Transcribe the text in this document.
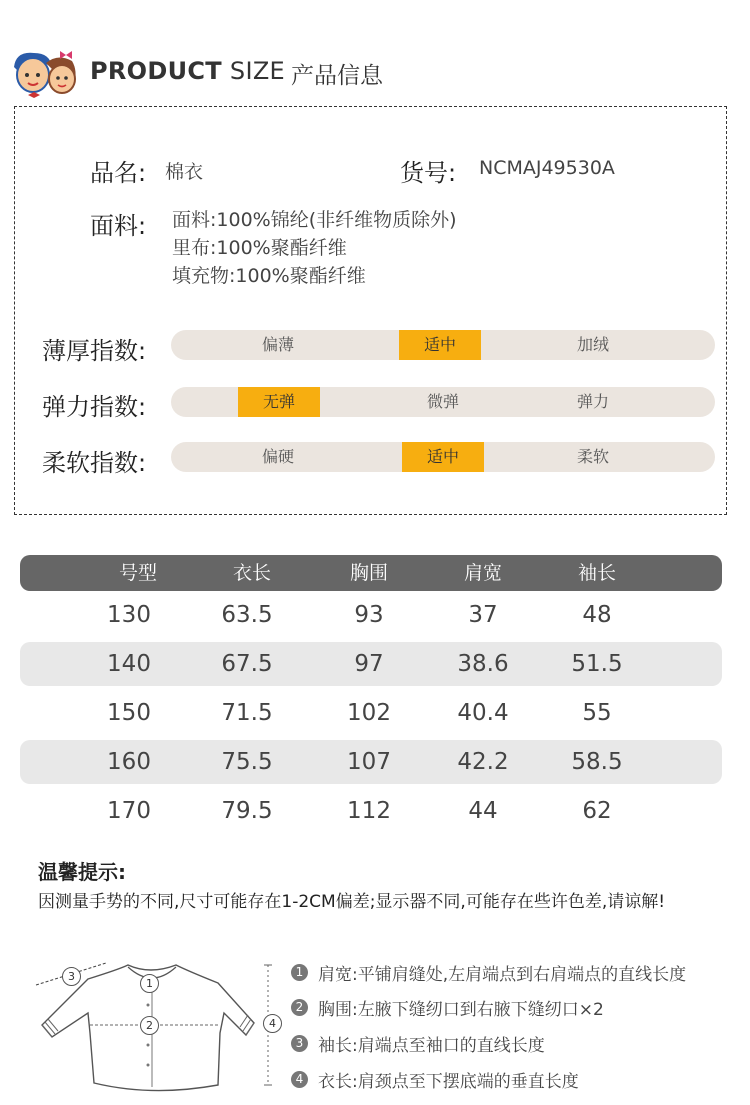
PRODUCT SIZE 产品信息
品名: 棉衣	货号: NCMAJ49530A
面料: 面料:100%锦纶(非纤维物质除外)
里布:100%聚酯纤维
填充物:100%聚酯纤维
薄厚指数:	偏薄	适中	加绒
弹力指数:	无弹	微弹	弹力
柔软指数:	偏硬	适中	柔软
号型	衣长	胸围	肩宽	袖长
130	63.5	93	37	48
140	67.5	97	38.6	51.5
150	71.5	102	40.4	55
160	75.5	107	42.2	58.5
170	79.5	112	44	62
温馨提示:
因测量手势的不同,尺寸可能存在1-2CM偏差;显示器不同,可能存在些许色差,请谅解!
1
2
3
4
1 肩宽:平铺肩缝处,左肩端点到右肩端点的直线长度
2 胸围:左腋下缝纫口到右腋下缝纫口×2
3 袖长:肩端点至袖口的直线长度
4 衣长:肩颈点至下摆底端的垂直长度
